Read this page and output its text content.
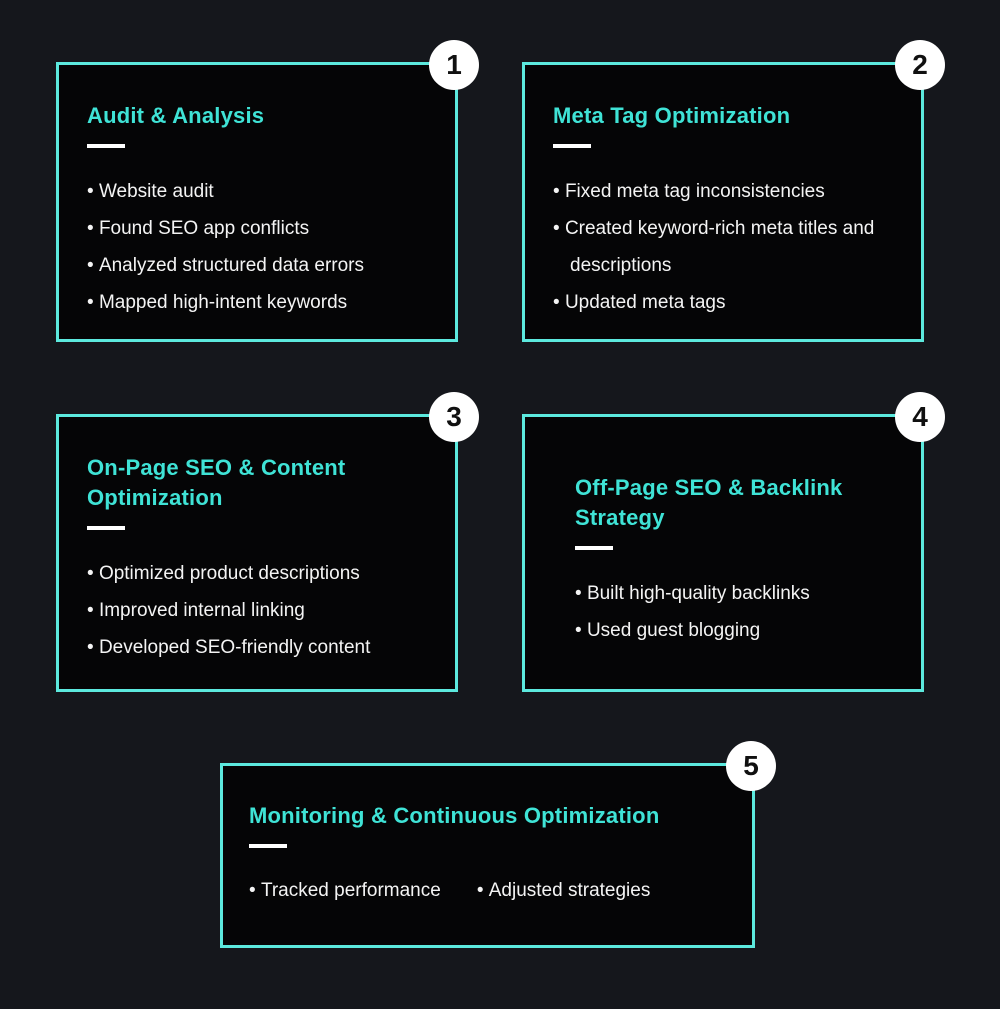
1
Audit & Analysis
• Website audit
• Found SEO app conflicts
• Analyzed structured data errors
• Mapped high-intent keywords
2
Meta Tag Optimization
• Fixed meta tag inconsistencies
• Created keyword-rich meta titles and descriptions
• Updated meta tags
3
On-Page SEO & Content Optimization
• Optimized product descriptions
• Improved internal linking
• Developed SEO-friendly content
4
Off-Page SEO & Backlink Strategy
• Built high-quality backlinks
• Used guest blogging
5
Monitoring & Continuous Optimization
• Tracked performance	• Adjusted strategies
